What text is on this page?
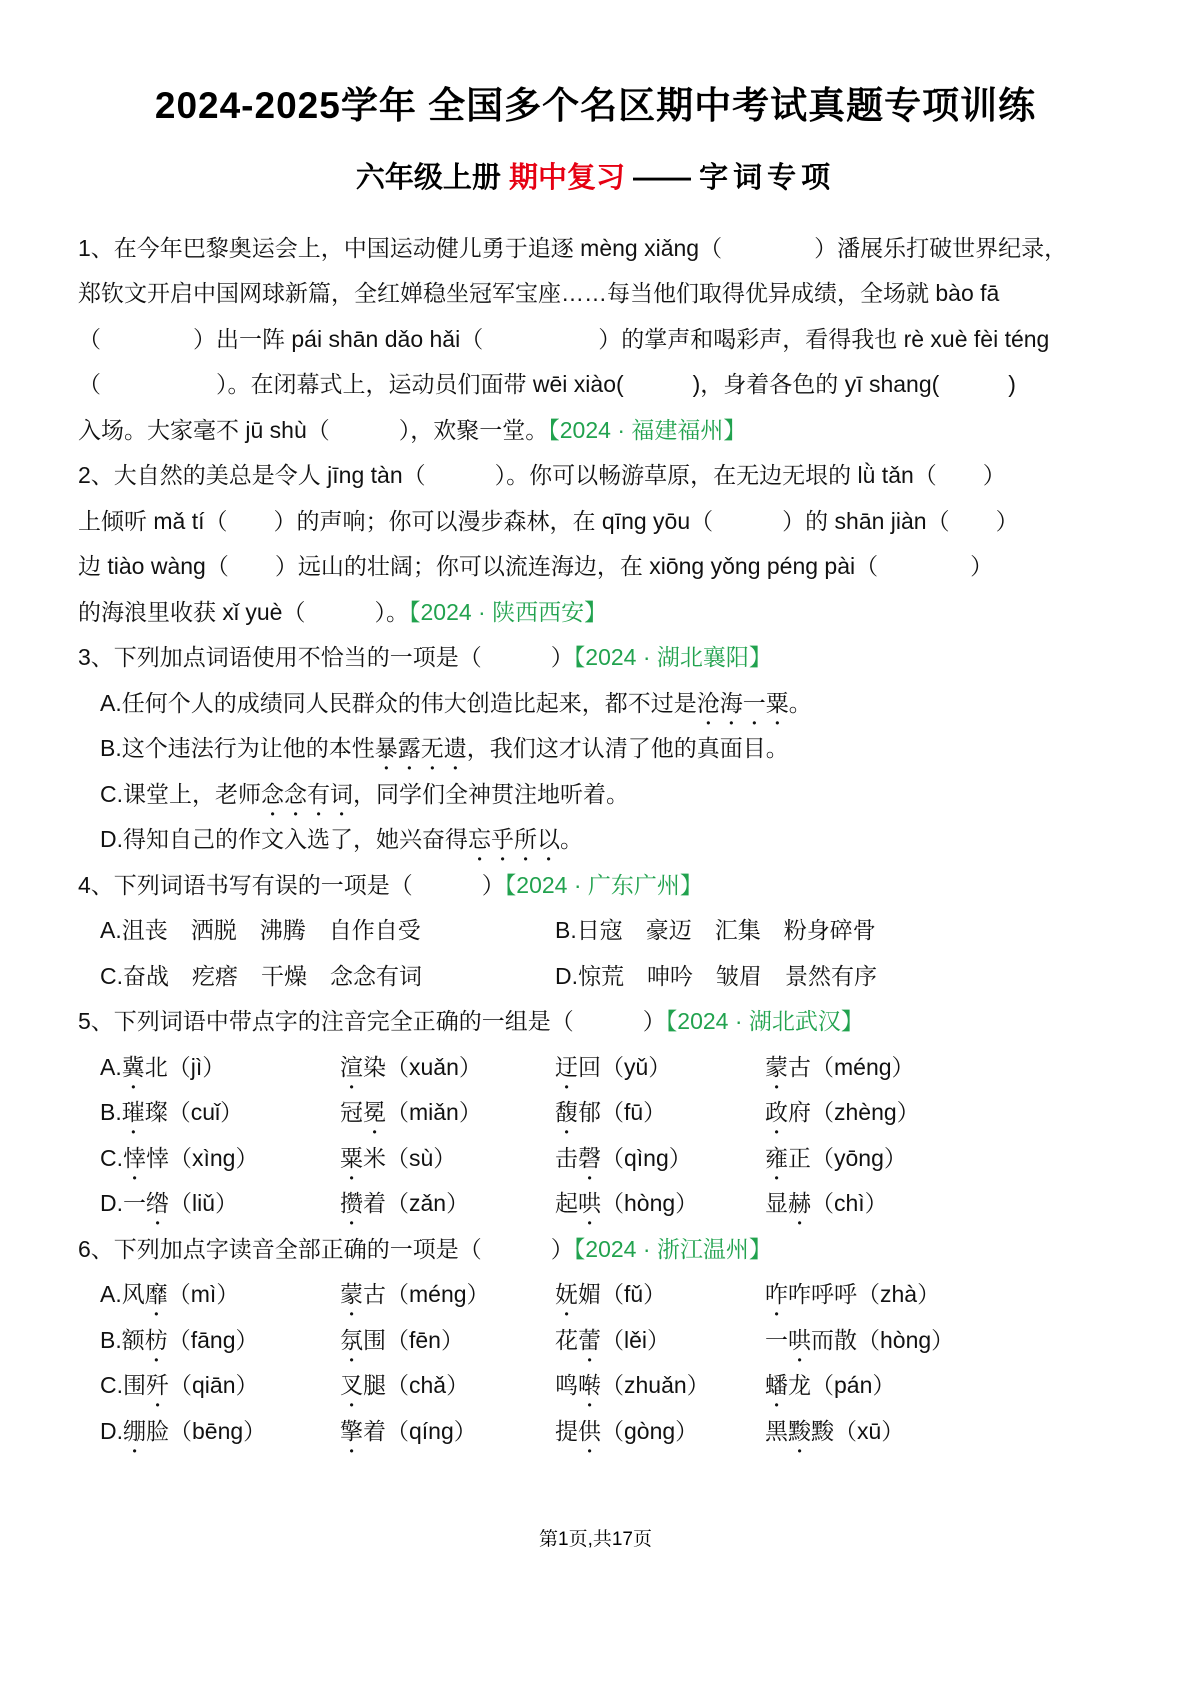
2024-2025学年 全国多个名区期中考试真题专项训练
六年级上册 期中复习 —— 字词专项
1、在今年巴黎奥运会上，中国运动健儿勇于追逐 mèng xiǎng（　　　　）潘展乐打破世界纪录，
郑钦文开启中国网球新篇，全红婵稳坐冠军宝座……每当他们取得优异成绩，全场就 bào fā
（　　　　）出一阵 pái shān dǎo hǎi（　　　　　）的掌声和喝彩声，看得我也 rè xuè fèi téng
（　　　　　）。在闭幕式上，运动员们面带 wēi xiào(　　　)，身着各色的 yī shang(　　　)
入场。大家毫不 jū shù（　　　），欢聚一堂。【2024 · 福建福州】
2、大自然的美总是令人 jīng tàn（　　　）。你可以畅游草原，在无边无垠的 lǜ tǎn（　　）
上倾听 mǎ tí（　　）的声响；你可以漫步森林，在 qīng yōu（　　　）的 shān jiàn（　　）
边 tiào wàng（　　）远山的壮阔；你可以流连海边，在 xiōng yǒng péng pài（　　　　）
的海浪里收获 xǐ yuè（　　　）。【2024 · 陕西西安】
3、下列加点词语使用不恰当的一项是（　　　）【2024 · 湖北襄阳】
A.任何个人的成绩同人民群众的伟大创造比起来，都不过是沧海一粟。
B.这个违法行为让他的本性暴露无遗，我们这才认清了他的真面目。
C.课堂上，老师念念有词，同学们全神贯注地听着。
D.得知自己的作文入选了，她兴奋得忘乎所以。
4、下列词语书写有误的一项是（　　　）【2024 · 广东广州】
A.沮丧　洒脱　沸腾　自作自受	B.日寇　豪迈　汇集　粉身碎骨
C.奋战　疙瘩　干燥　念念有词	D.惊荒　呻吟　皱眉　景然有序
5、下列词语中带点字的注音完全正确的一组是（　　　）【2024 · 湖北武汉】
A.冀北（jì）	渲染（xuǎn）	迂回（yǔ）	蒙古（méng）
B.璀璨（cuǐ）	冠冕（miǎn）	馥郁（fū）	政府（zhèng）
C.悻悻（xìng）	粟米（sù）	击磬（qìng）	雍正（yōng）
D.一绺（liǔ）	攒着（zǎn）	起哄（hòng）	显赫（chì）
6、下列加点字读音全部正确的一项是（　　　）【2024 · 浙江温州】
A.风靡（mì）	蒙古（méng）	妩媚（fǔ）	咋咋呼呼（zhà）
B.额枋（fāng）	氛围（fēn）	花蕾（lěi）	一哄而散（hòng）
C.围歼（qiān）	叉腿（chǎ）	鸣啭（zhuǎn） 蟠龙（pán）
D.绷脸（bēng）	擎着（qíng）	提供（gòng）	黑黢黢（xū）
第1页,共17页
